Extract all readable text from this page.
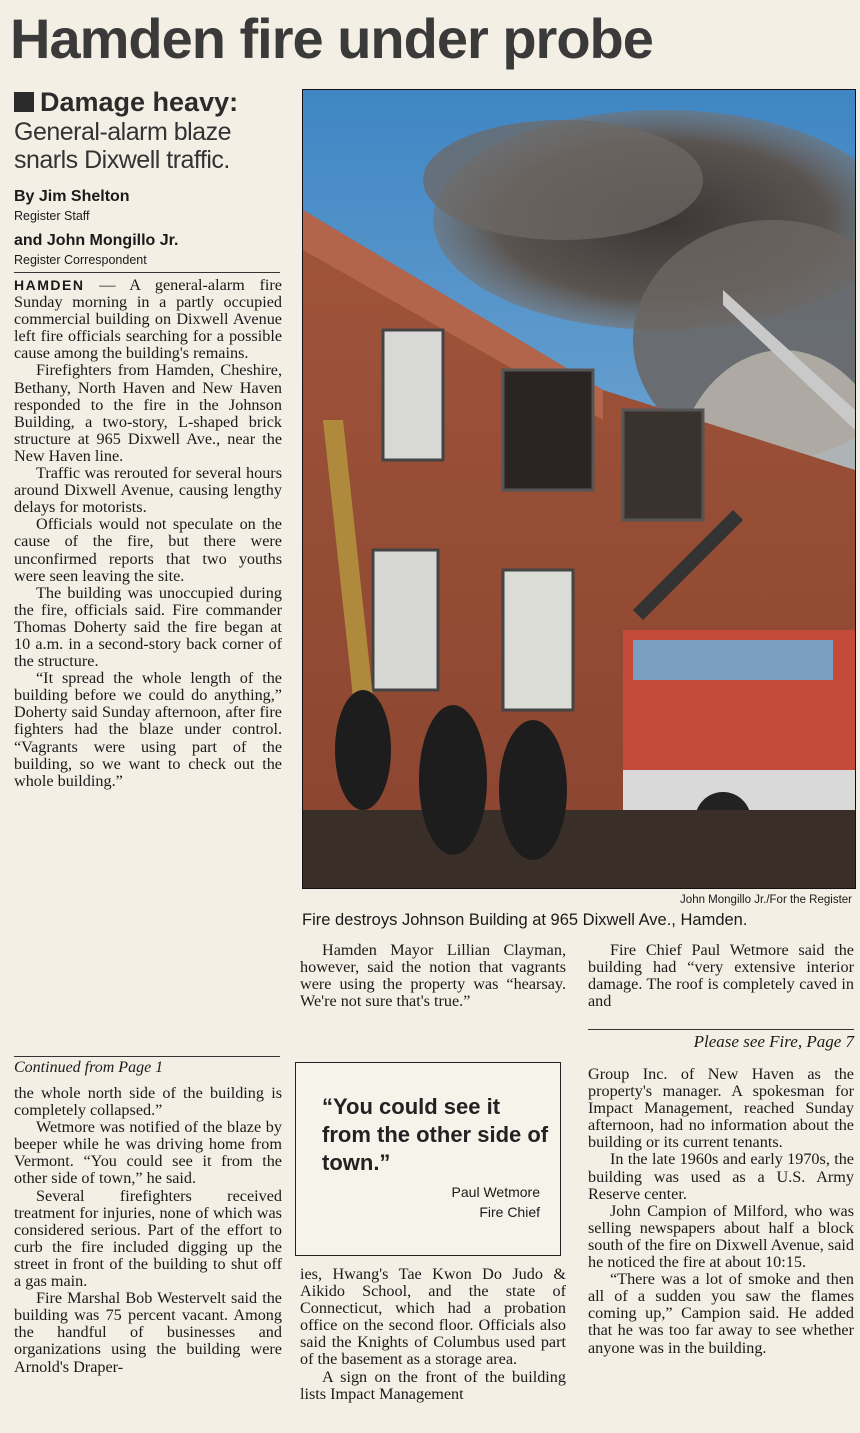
Hamden fire under probe
Damage heavy:
General-alarm blaze snarls Dixwell traffic.
By Jim Shelton
Register Staff
and John Mongillo Jr.
Register Correspondent

HAMDEN — A general-alarm fire Sunday morning in a partly occupied commercial building on Dixwell Avenue left fire officials searching for a possible cause among the building's remains.

Firefighters from Hamden, Cheshire, Bethany, North Haven and New Haven responded to the fire in the Johnson Building, a two-story, L-shaped brick structure at 965 Dixwell Ave., near the New Haven line.

Traffic was rerouted for several hours around Dixwell Avenue, causing lengthy delays for motorists.

Officials would not speculate on the cause of the fire, but there were unconfirmed reports that two youths were seen leaving the site.

The building was unoccupied during the fire, officials said. Fire commander Thomas Doherty said the fire began at 10 a.m. in a second-story back corner of the structure.

“It spread the whole length of the building before we could do anything,” Doherty said Sunday afternoon, after fire fighters had the blaze under control. “Vagrants were using part of the building, so we want to check out the whole building.”

John Mongillo Jr./For the Register
Fire destroys Johnson Building at 965 Dixwell Ave., Hamden.

Hamden Mayor Lillian Clayman, however, said the notion that vagrants were using the property was “hearsay. We're not sure that's true.”

Fire Chief Paul Wetmore said the building had “very extensive interior damage. The roof is completely caved in and

Please see Fire, Page 7
Continued from Page 1

the whole north side of the building is completely collapsed.”

Wetmore was notified of the blaze by beeper while he was driving home from Vermont. “You could see it from the other side of town,” he said.

Several firefighters received treatment for injuries, none of which was considered serious. Part of the effort to curb the fire included digging up the street in front of the building to shut off a gas main.

Fire Marshal Bob Westervelt said the building was 75 percent vacant. Among the handful of businesses and organizations using the building were Arnold's Draper-

“You could see it from the other side of town.”
Paul Wetmore
Fire Chief

ies, Hwang's Tae Kwon Do Judo & Aikido School, and the state of Connecticut, which had a probation office on the second floor. Officials also said the Knights of Columbus used part of the basement as a storage area.

A sign on the front of the building lists Impact Management

Group Inc. of New Haven as the property's manager. A spokesman for Impact Management, reached Sunday afternoon, had no information about the building or its current tenants.

In the late 1960s and early 1970s, the building was used as a U.S. Army Reserve center.

John Campion of Milford, who was selling newspapers about half a block south of the fire on Dixwell Avenue, said he noticed the fire at about 10:15.

“There was a lot of smoke and then all of a sudden you saw the flames coming up,” Campion said. He added that he was too far away to see whether anyone was in the building.
